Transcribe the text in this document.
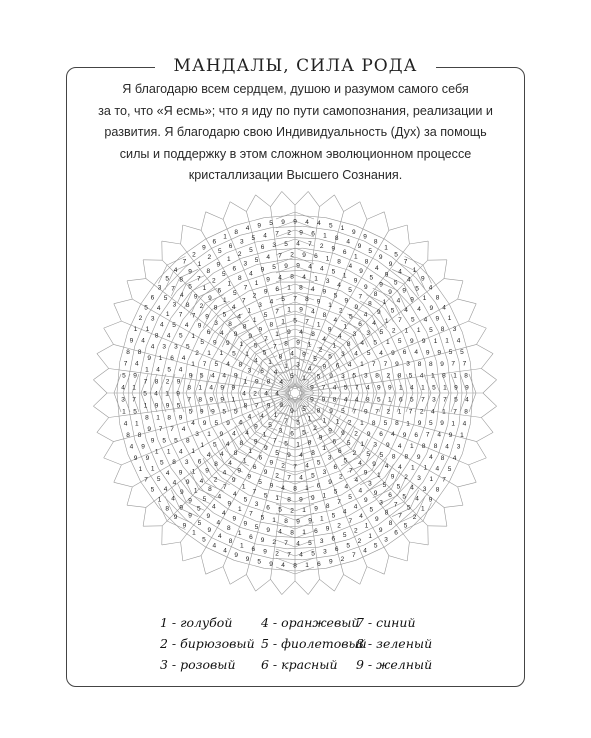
МАНДАЛЫ, СИЛА РОДА
Я благодарю всем сердцем, душою и разумом самого себя
за то, что «Я есмь»; что я иду по пути самопознания, реализации и
развития. Я благодарю свою Индивидуальность (Дух) за помощь
силы и поддержку в этом сложном эволюционном процессе
кристаллизации Высшего Сознания.
9
5
9
9
4
4
5 1
9
9
8
1
5
7
1
9
4
8
4
1 3
4
5
7
8
9
1
2
5
6
3
5
4
7
2
9
6
1
8 4 9
5
9
9
4
4
5
1
9
9
8
1
5
7
1
9
4
8
4
1
3
4
5
7 8 9 1
2
5
6
3
5
4
7
2
9
6
1
8
4
9
5
9
9
4
4
5
1
9
9
8
1
5
7
1 9 4 8
4
1
3
4
5
7
8
9
1
2
5
6
3
5
4
7
2
9
6
1
8
4
9
5
9
9
4
4
5
1
9
9
8 1 5 7 1
9
4
8
4
1
3
4
5
7
8
9
1
2
5
6
3
5
4
7
2
9
6
1
8
4
9
5
9
9
4
4
5
1
9
9
8
1
5 7 1 9 4 8
4
1
3
4
5
7
8
9
1
2
5
6
3
5
4
7
2
9
6
1
8
4
9
5
9
9
4
4
5
1
9
9
8
1
5
7
1
9
4
8
4
1
3
4 5 7 8 9
1
2
5
6
3
5
4
7
2
9
6
1
8
4
9
5
9
9
4
4
5
1
9
9
8
1
5
7
1
9
4
8
4
1
3
4
5
7
8
9
1
2
5
6
3
5
4
7
2
9 6 1 8 4 9
5
9
9
4
4
5
1
9
9
8
1
5
7
1
9
4
8
4
1
3
4
5
7
8
9
1
2
5
6
3
5
4
7
2
9
6
1
8
4
9
5
9
9
4
4
5
1
9
9
8
1
5
7
1 9 4 8 4 1 3
4
5
7
8
9
1
2
5
6
3
5
4
7
2
9
6
1
8
4
9
5
9
9
4
4
5
1
9
9
8
1
5
7
1
9
4
8
4
1
3
4
5
7
8
9
1
2
5
6
3
5
4
7
2
9
6
1
8
4
9 5 9 9 4 4 5
1
9
9
8
1
5
7
1
9
4
8
4
1
3
4
5
7
8
9
1
2
5
6
3
5
4
7
2
9
6
1
8
4
9
5
9
9
4
4
5
1
9
9
8
1
5
7
1
9
4
8
4
1
3
4
5
7
8
9
1
2
5
6
3
5 4 7 2 9 6 1 8
4
9
5
9
9
4
4
5
1
9
9
8
1
5
7
1
9
4
8
4
1
3
4
5
7
8
9
1
2
5
6
3
5
4
7
2
9
6
1
8
4
9
5
9
9
4
4
5
1
9
9
8
1
5
7
1
9
4
8
4
1
3
4
5
7
8
9
1
2
5 6 3 5 4 7 2 9 6
1
8
4
9
5
9
9
4
4
5
1
9
9
8
1
5
7
1
9
4
8
4
1
3
4
5
7
8
9
1
2
5
6
3
5
4
7
2
9
6
1
8
4
9
5
9
9
4
4
5
1
9
9
8
1
5
7
1
9
4
8
4
1
3
4
5
7
8
9
1
2
5
6
3 5 4 7 2 9 6 1 8 4
9
5
9
9
4
4
5
1
9
9
8
1
5
7
1
9
4
8
4
1
3
4
5
7
8
9
1
2
5
6
3
5
4
7
2
9
6
1
8
4
9
5
9
9
4
4
5
1
9
9
8
1
5
7
1
9
4
8
4
1
3
4
5
7
8
9
1
2
5
6
3
5
4
7
2
9
6
1
8
4 9 5 9 9 4 4 5 1
9
9
8
1
5
7
1
9
4
8
4
1
3
4
5
7
8
9
1 - голубой
2 - бирюзовый
3 - розовый
4 - оранжевый
5 - фиолетовый
6 - красный
7 - синий
8 - зеленый
9 - желный
